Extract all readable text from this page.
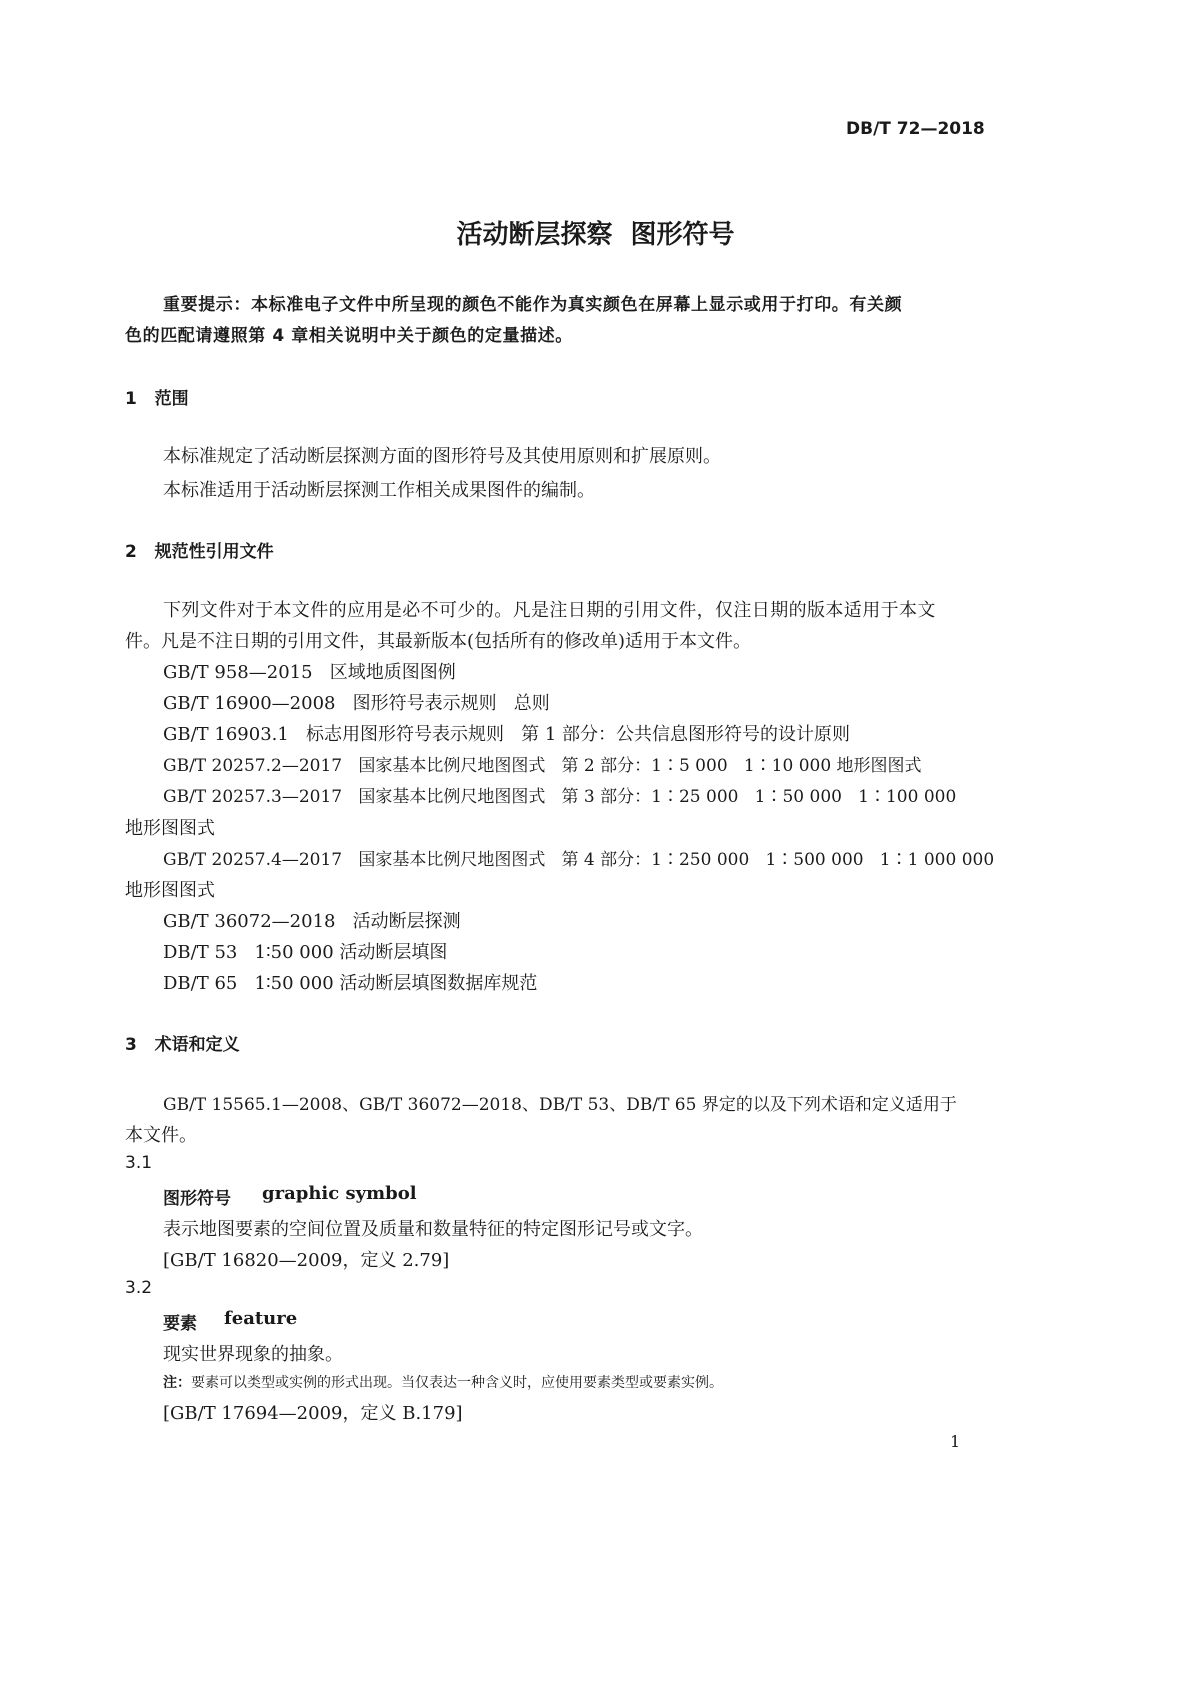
DB/T 72—2018
活动断层探察  图形符号
重要提示：本标准电子文件中所呈现的颜色不能作为真实颜色在屏幕上显示或用于打印。有关颜
色的匹配请遵照第 4 章相关说明中关于颜色的定量描述。
1   范围
本标准规定了活动断层探测方面的图形符号及其使用原则和扩展原则。
本标准适用于活动断层探测工作相关成果图件的编制。
2   规范性引用文件
下列文件对于本文件的应用是必不可少的。凡是注日期的引用文件，仅注日期的版本适用于本文
件。凡是不注日期的引用文件，其最新版本(包括所有的修改单)适用于本文件。
GB/T 958—2015   区域地质图图例
GB/T 16900—2008   图形符号表示规则   总则
GB/T 16903.1   标志用图形符号表示规则   第 1 部分：公共信息图形符号的设计原则
GB/T 20257.2—2017   国家基本比例尺地图图式   第 2 部分：1∶5 000   1∶10 000 地形图图式
GB/T 20257.3—2017   国家基本比例尺地图图式   第 3 部分：1∶25 000   1∶50 000   1∶100 000
地形图图式
GB/T 20257.4—2017   国家基本比例尺地图图式   第 4 部分：1∶250 000   1∶500 000   1∶1 000 000
地形图图式
GB/T 36072—2018   活动断层探测
DB/T 53   1∶50 000 活动断层填图
DB/T 65   1∶50 000 活动断层填图数据库规范
3   术语和定义
GB/T 15565.1—2008、GB/T 36072—2018、DB/T 53、DB/T 65 界定的以及下列术语和定义适用于
本文件。
3.1
图形符号 graphic symbol
表示地图要素的空间位置及质量和数量特征的特定图形记号或文字。
[GB/T 16820—2009，定义 2.79]
3.2
要素 feature
现实世界现象的抽象。
注：要素可以类型或实例的形式出现。当仅表达一种含义时，应使用要素类型或要素实例。
[GB/T 17694—2009，定义 B.179]
1
